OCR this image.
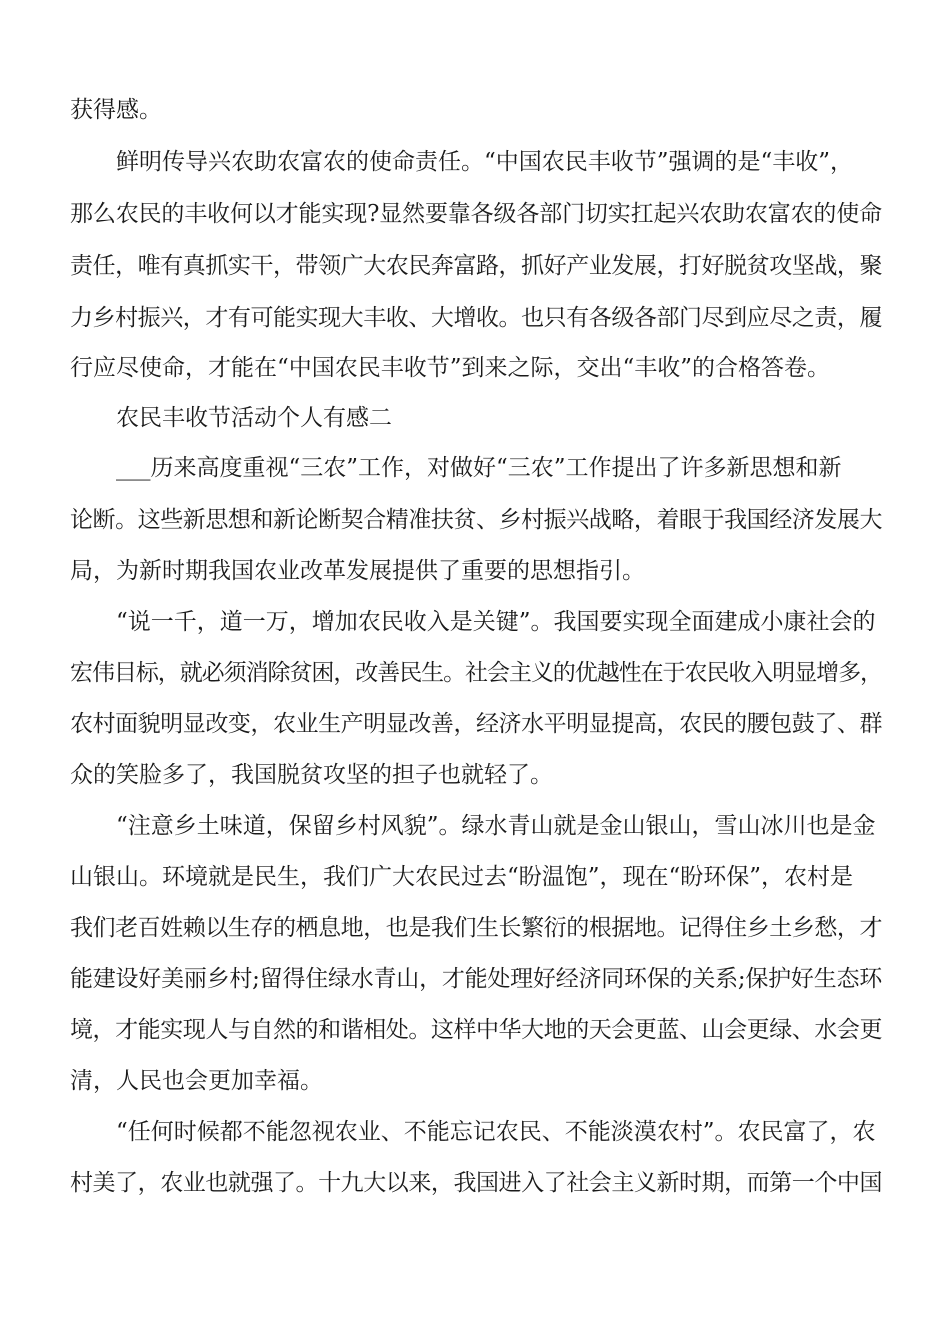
获得感。
鲜明传导兴农助农富农的使命责任。“中国农民丰收节”强调的是“丰收”，
那么农民的丰收何以才能实现?显然要靠各级各部门切实扛起兴农助农富农的使命
责任，唯有真抓实干，带领广大农民奔富路，抓好产业发展，打好脱贫攻坚战，聚
力乡村振兴，才有可能实现大丰收、大增收。也只有各级各部门尽到应尽之责，履
行应尽使命，才能在“中国农民丰收节”到来之际，交出“丰收”的合格答卷。
农民丰收节活动个人有感二
___历来高度重视“三农”工作，对做好“三农”工作提出了许多新思想和新
论断。这些新思想和新论断契合精准扶贫、乡村振兴战略，着眼于我国经济发展大
局，为新时期我国农业改革发展提供了重要的思想指引。
“说一千，道一万，增加农民收入是关键”。我国要实现全面建成小康社会的
宏伟目标，就必须消除贫困，改善民生。社会主义的优越性在于农民收入明显增多，
农村面貌明显改变，农业生产明显改善，经济水平明显提高，农民的腰包鼓了、群
众的笑脸多了，我国脱贫攻坚的担子也就轻了。
“注意乡土味道，保留乡村风貌”。绿水青山就是金山银山，雪山冰川也是金
山银山。环境就是民生，我们广大农民过去“盼温饱”，现在“盼环保”，农村是
我们老百姓赖以生存的栖息地，也是我们生长繁衍的根据地。记得住乡土乡愁，才
能建设好美丽乡村;留得住绿水青山，才能处理好经济同环保的关系;保护好生态环
境，才能实现人与自然的和谐相处。这样中华大地的天会更蓝、山会更绿、水会更
清，人民也会更加幸福。
“任何时候都不能忽视农业、不能忘记农民、不能淡漠农村”。农民富了，农
村美了，农业也就强了。十九大以来，我国进入了社会主义新时期，而第一个中国
